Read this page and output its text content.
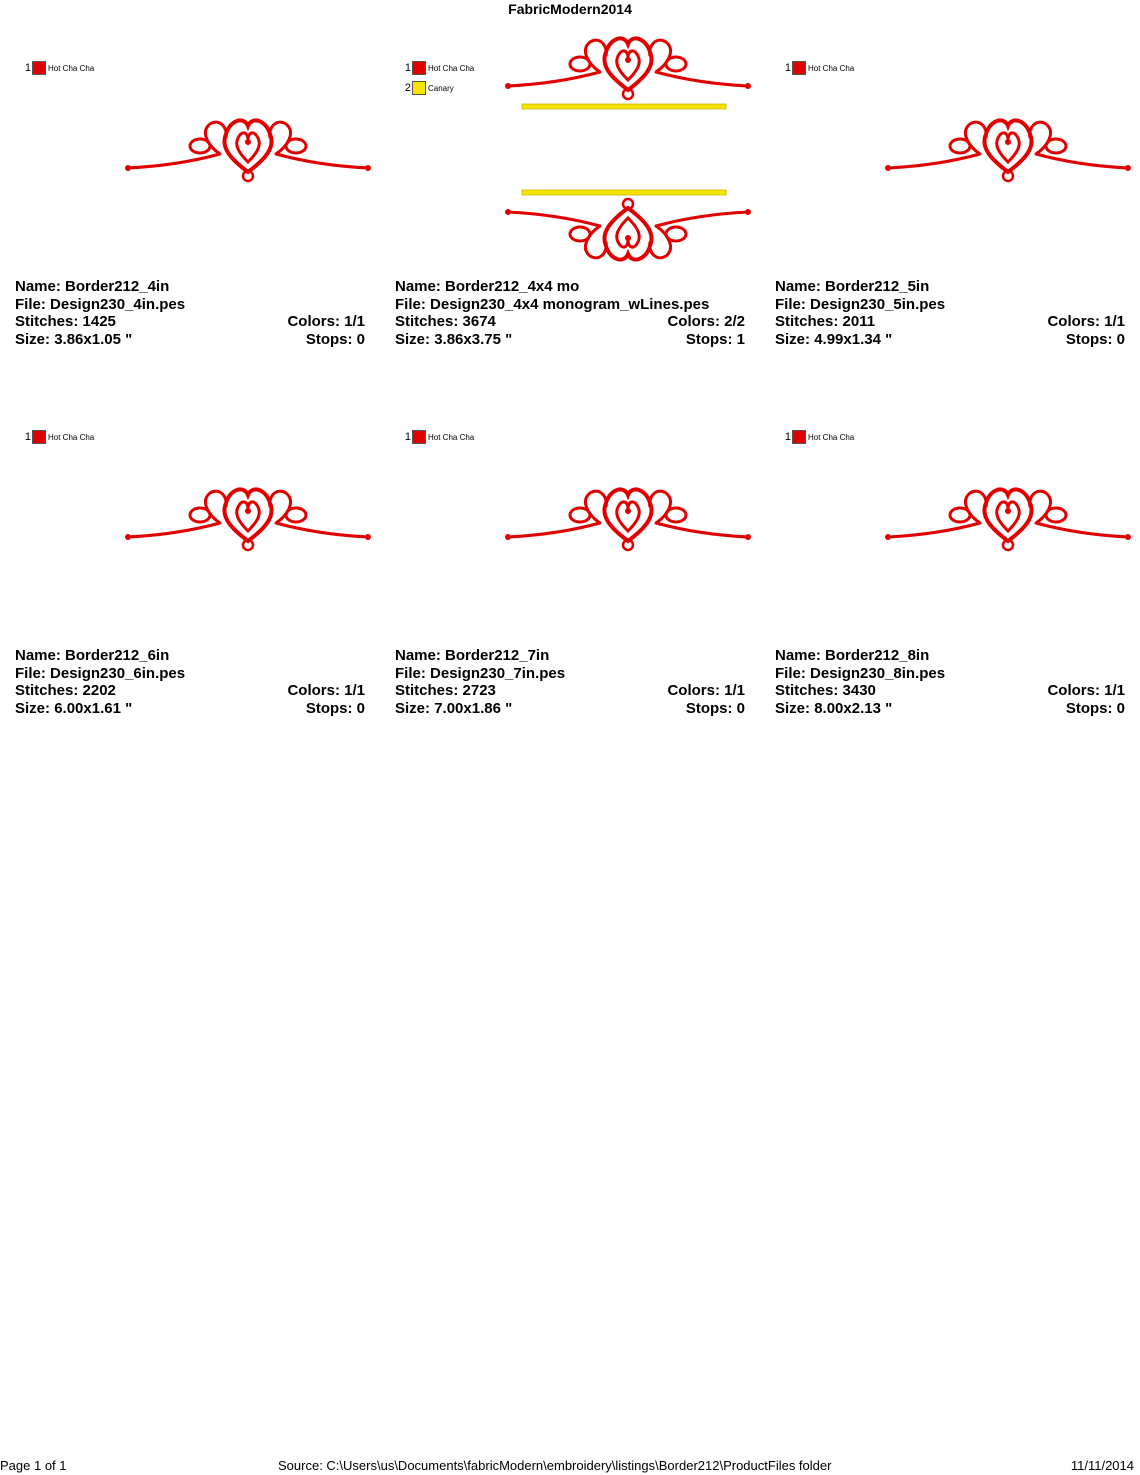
FabricModern2014
1 Hot Cha Cha
Name: Border212_4in
File: Design230_4in.pes
Stitches: 1425	Colors: 1/1
Size: 3.86x1.05 "	Stops: 0
1 Hot Cha Cha
2 Canary
Name: Border212_4x4 mo
File: Design230_4x4 monogram_wLines.pes
Stitches: 3674	Colors: 2/2
Size: 3.86x3.75 "	Stops: 1
1 Hot Cha Cha
Name: Border212_5in
File: Design230_5in.pes
Stitches: 2011	Colors: 1/1
Size: 4.99x1.34 "	Stops: 0
1 Hot Cha Cha
Name: Border212_6in
File: Design230_6in.pes
Stitches: 2202	Colors: 1/1
Size: 6.00x1.61 "	Stops: 0
1 Hot Cha Cha
Name: Border212_7in
File: Design230_7in.pes
Stitches: 2723	Colors: 1/1
Size: 7.00x1.86 "	Stops: 0
1 Hot Cha Cha
Name: Border212_8in
File: Design230_8in.pes
Stitches: 3430	Colors: 1/1
Size: 8.00x2.13 "	Stops: 0
Page 1 of 1	Source: C:\Users\us\Documents\fabricModern\embroidery\listings\Border212\ProductFiles folder	11/11/2014
